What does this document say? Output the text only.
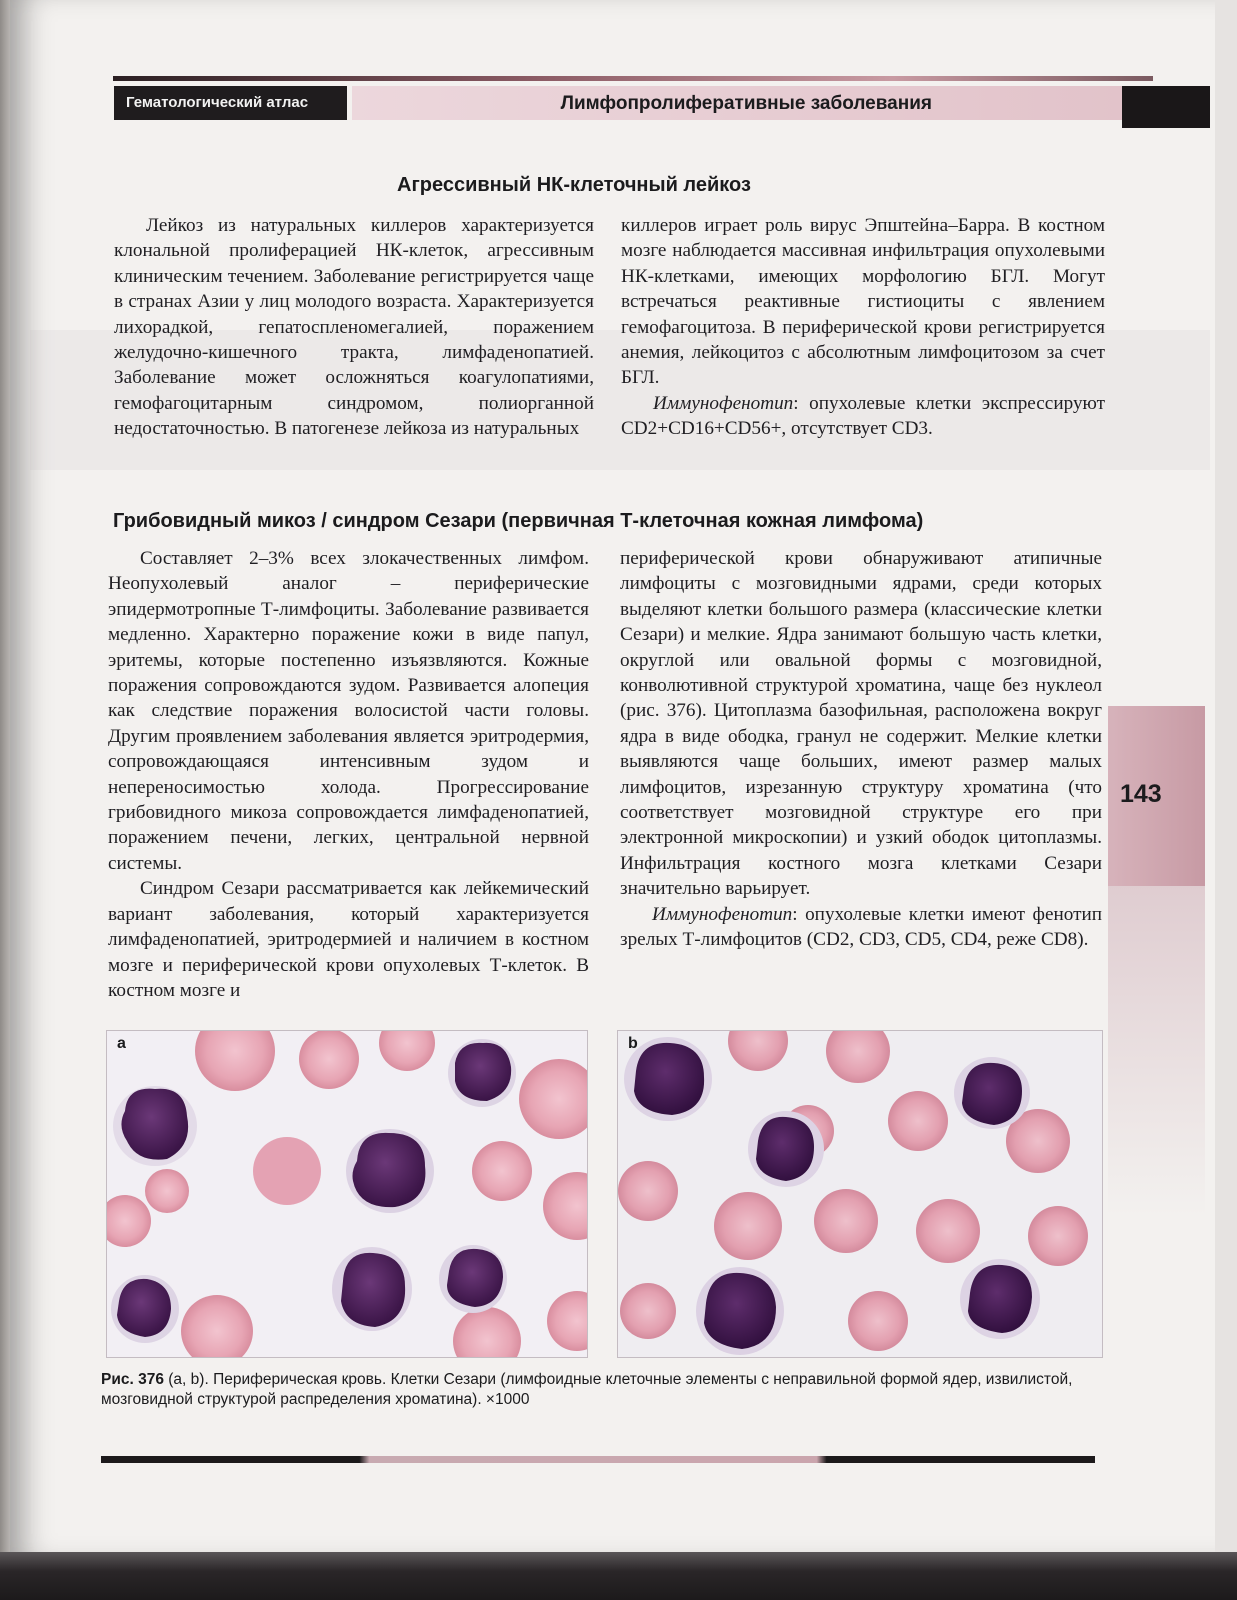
Гематологический атлас	Лимфопролиферативные заболевания
Агрессивный НК-клеточный лейкоз

Лейкоз из натуральных киллеров характеризуется клональной пролиферацией НК-клеток, агрессивным клиническим течением. Заболевание регистрируется чаще в странах Азии у лиц молодого возраста. Характеризуется лихорадкой, гепатоспленомегалией, поражением желудочно-кишечного тракта, лимфаденопатией. Заболевание может осложняться коагулопатиями, гемофагоцитарным синдромом, полиорганной недостаточностью. В патогенезе лейкоза из натуральных

киллеров играет роль вирус Эпштейна–Барра. В костном мозге наблюдается массивная инфильтрация опухолевыми НК-клетками, имеющих морфологию БГЛ. Могут встречаться реактивные гистиоциты с явлением гемофагоцитоза. В периферической крови регистрируется анемия, лейкоцитоз с абсолютным лимфоцитозом за счет БГЛ.

Иммунофенотип: опухолевые клетки экспрессируют CD2+CD16+CD56+, отсутствует CD3.

Грибовидный микоз / синдром Сезари (первичная Т-клеточная кожная лимфома)

Составляет 2–3% всех злокачественных лимфом. Неопухолевый аналог – периферические эпидермотропные Т-лимфоциты. Заболевание развивается медленно. Характерно поражение кожи в виде папул, эритемы, которые постепенно изъязвляются. Кожные поражения сопровождаются зудом. Развивается алопеция как следствие поражения волосистой части головы. Другим проявлением заболевания является эритродермия, сопровождающаяся интенсивным зудом и непереносимостью холода. Прогрессирование грибовидного микоза сопровождается лимфаденопатией, поражением печени, легких, центральной нервной системы.

Синдром Сезари рассматривается как лейкемический вариант заболевания, который характеризуется лимфаденопатией, эритродермией и наличием в костном мозге и периферической крови опухолевых Т-клеток. В костном мозге и

периферической крови обнаруживают атипичные лимфоциты с мозговидными ядрами, среди которых выделяют клетки большого размера (классические клетки Сезари) и мелкие. Ядра занимают большую часть клетки, округлой или овальной формы с мозговидной, конволютивной структурой хроматина, чаще без нуклеол (рис. 376). Цитоплазма базофильная, расположена вокруг ядра в виде ободка, гранул не содержит. Мелкие клетки выявляются чаще больших, имеют размер малых лимфоцитов, изрезанную структуру хроматина (что соответствует мозговидной структуре его при электронной микроскопии) и узкий ободок цитоплазмы. Инфильтрация костного мозга клетками Сезари значительно варьирует.

Иммунофенотип: опухолевые клетки имеют фенотип зрелых Т-лимфоцитов (CD2, CD3, CD5, CD4, реже CD8).

143
a	b
Рис. 376 (a, b). Периферическая кровь. Клетки Сезари (лимфоидные клеточные элементы с неправильной формой ядер, извилистой, мозговидной структурой распределения хроматина). ×1000
